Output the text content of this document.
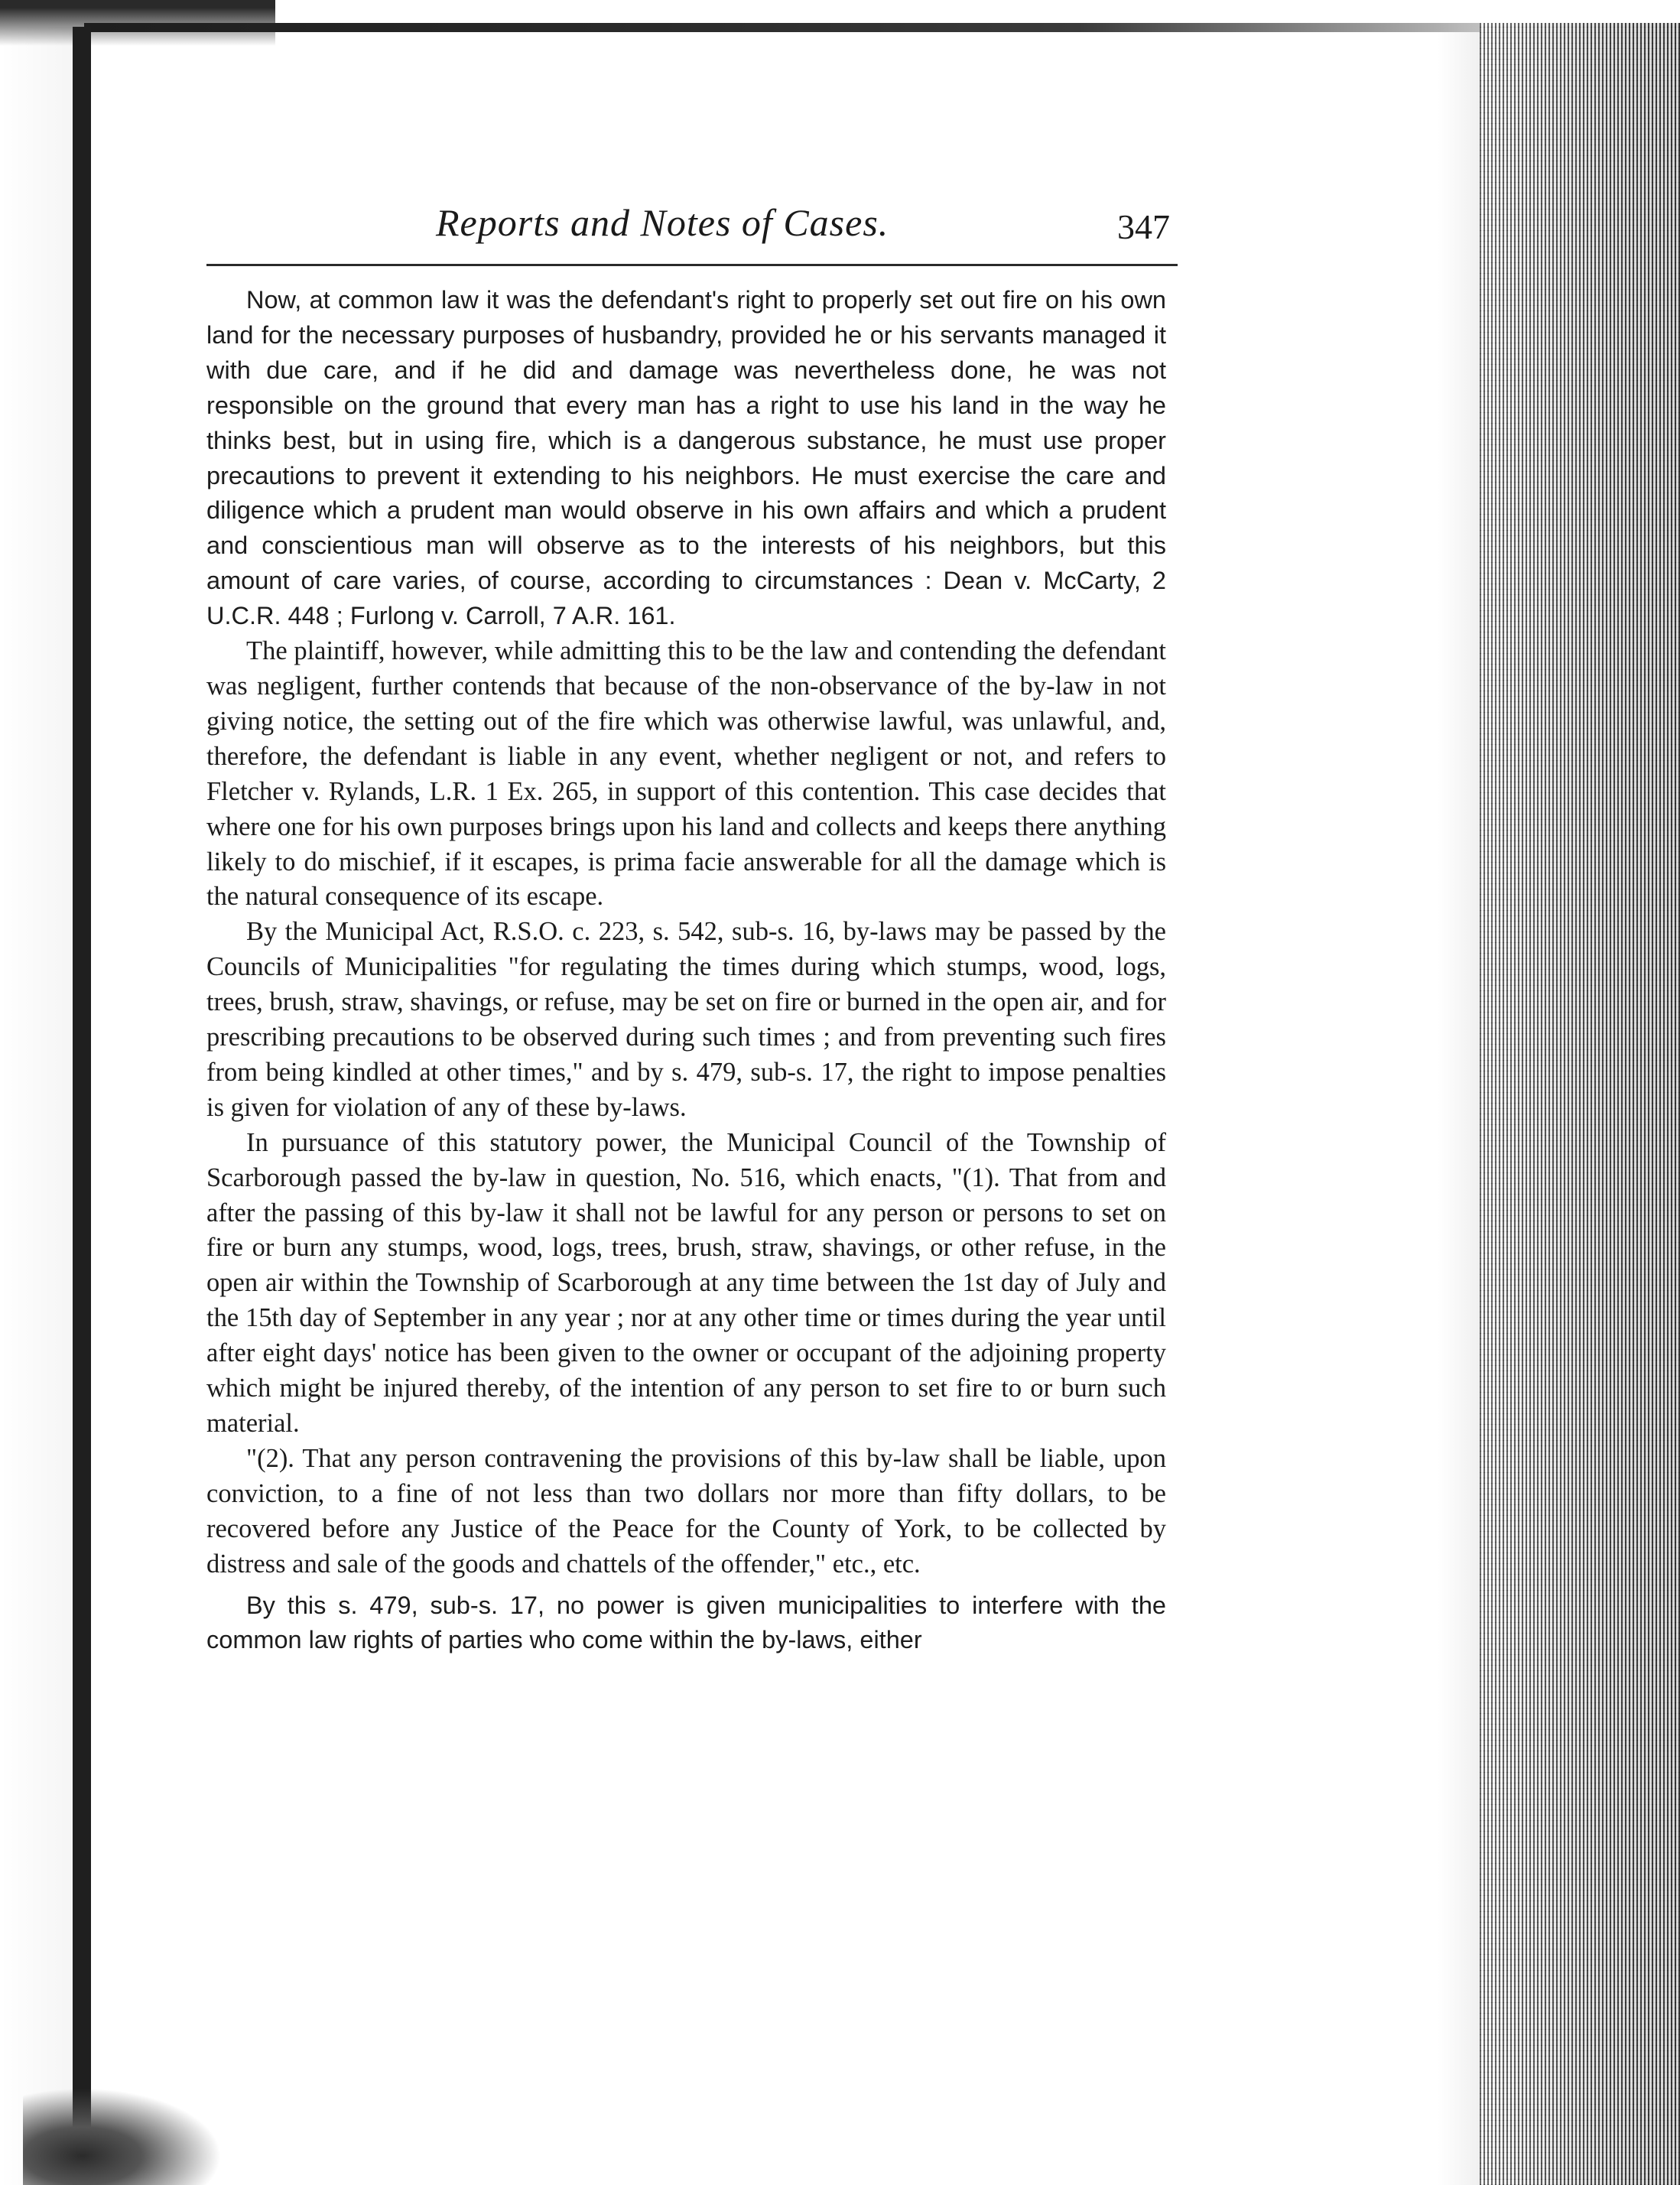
Reports and Notes of Cases.	347

Now, at common law it was the defendant's right to properly set out fire on his own land for the necessary purposes of husbandry, provided he or his servants managed it with due care, and if he did and damage was nevertheless done, he was not responsible on the ground that every man has a right to use his land in the way he thinks best, but in using fire, which is a dangerous substance, he must use proper precautions to prevent it extending to his neighbors. He must exercise the care and diligence which a prudent man would observe in his own affairs and which a prudent and conscientious man will observe as to the interests of his neighbors, but this amount of care varies, of course, according to circumstances : Dean v. McCarty, 2 U.C.R. 448 ; Furlong v. Carroll, 7 A.R. 161.

The plaintiff, however, while admitting this to be the law and contending the defendant was negligent, further contends that because of the non-observance of the by-law in not giving notice, the setting out of the fire which was otherwise lawful, was unlawful, and, therefore, the defendant is liable in any event, whether negligent or not, and refers to Fletcher v. Rylands, L.R. 1 Ex. 265, in support of this contention. This case decides that where one for his own purposes brings upon his land and collects and keeps there anything likely to do mischief, if it escapes, is prima facie answerable for all the damage which is the natural consequence of its escape.

By the Municipal Act, R.S.O. c. 223, s. 542, sub-s. 16, by-laws may be passed by the Councils of Municipalities "for regulating the times during which stumps, wood, logs, trees, brush, straw, shavings, or refuse, may be set on fire or burned in the open air, and for prescribing precautions to be observed during such times ; and from preventing such fires from being kindled at other times," and by s. 479, sub-s. 17, the right to impose penalties is given for violation of any of these by-laws.

In pursuance of this statutory power, the Municipal Council of the Township of Scarborough passed the by-law in question, No. 516, which enacts, "(1). That from and after the passing of this by-law it shall not be lawful for any person or persons to set on fire or burn any stumps, wood, logs, trees, brush, straw, shavings, or other refuse, in the open air within the Township of Scarborough at any time between the 1st day of July and the 15th day of September in any year ; nor at any other time or times during the year until after eight days' notice has been given to the owner or occupant of the adjoining property which might be injured thereby, of the intention of any person to set fire to or burn such material.

"(2). That any person contravening the provisions of this by-law shall be liable, upon conviction, to a fine of not less than two dollars nor more than fifty dollars, to be recovered before any Justice of the Peace for the County of York, to be collected by distress and sale of the goods and chattels of the offender," etc., etc.

By this s. 479, sub-s. 17, no power is given municipalities to interfere with the common law rights of parties who come within the by-laws, either
